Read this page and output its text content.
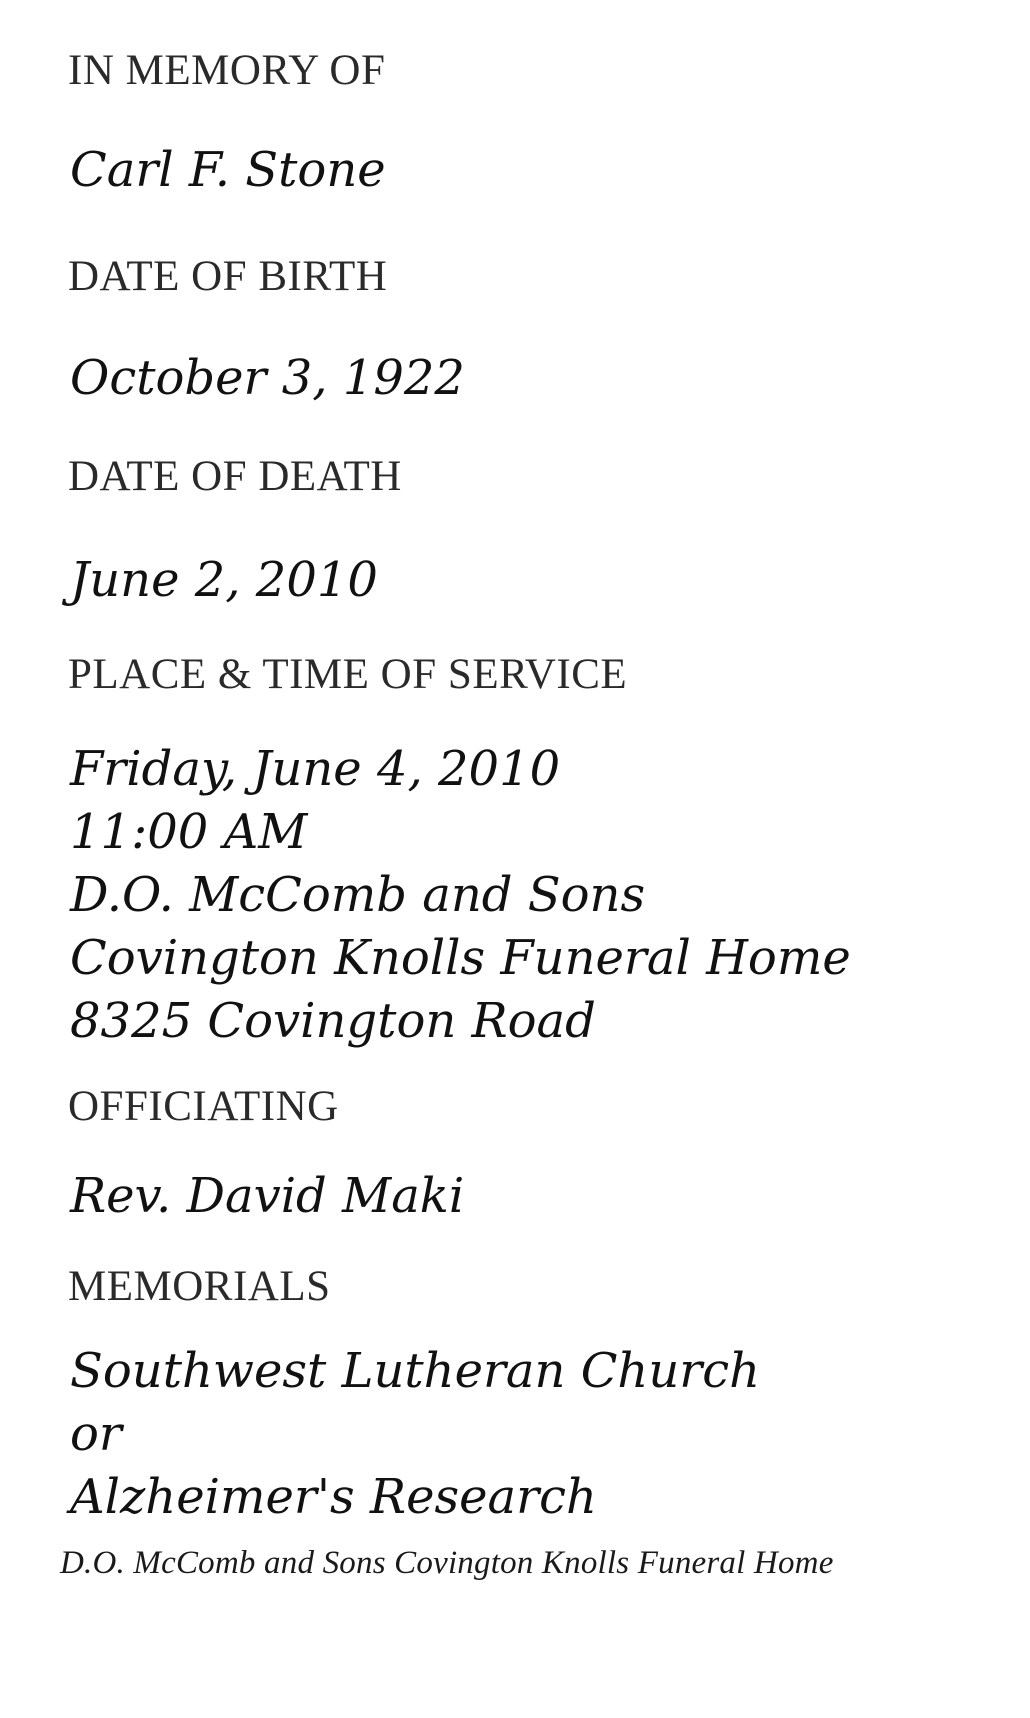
IN MEMORY OF
Carl F. Stone
DATE OF BIRTH
October 3, 1922
DATE OF DEATH
June 2, 2010
PLACE & TIME OF SERVICE
Friday, June 4, 2010
11:00 AM
D.O. McComb and Sons
Covington Knolls Funeral Home
8325 Covington Road
OFFICIATING
Rev. David Maki
MEMORIALS
Southwest Lutheran Church
or
Alzheimer's Research
D.O. McComb and Sons Covington Knolls Funeral Home
